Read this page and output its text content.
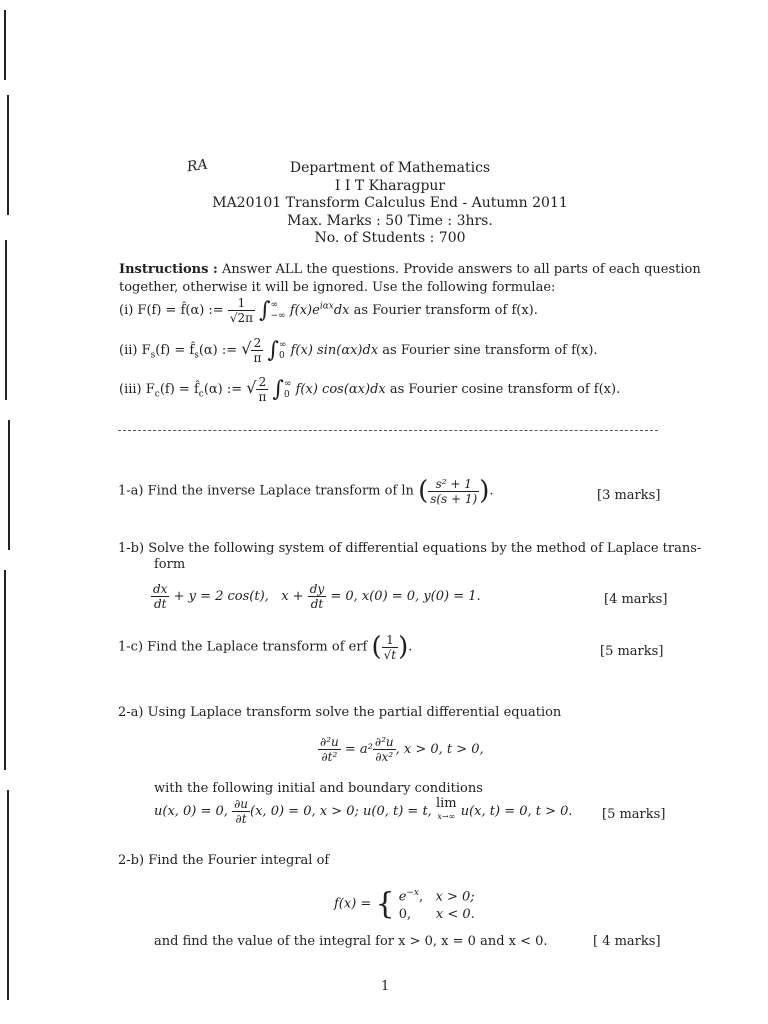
RA	Department of Mathematics
I I T Kharagpur
MA20101 Transform Calculus End - Autumn 2011
Max. Marks : 50 Time : 3hrs.
No. of Students : 700
Instructions : Answer ALL the questions. Provide answers to all parts of each question
together, otherwise it will be ignored. Use the following formulae:
(i) F(f) = f̂(α) := $\frac{1}{√2\pi}$ ∫ ∞
−∞ $f(x)e^{i\alpha x}dx$ as Fourier transform of f(x).
(ii) $F_s(f)$ = $f̂_s(\alpha)$ := √ $\frac{2}{\pi}$ ∫ ∞
0 f(x) sin(αx)dx as Fourier sine transform of f(x).
(iii) $F_c(f)$ = $f̂_c(\alpha)$ := √ $\frac{2}{\pi}$ ∫ ∞
0 f(x) cos(αx)dx as Fourier cosine transform of f(x).
1-a) Find the inverse Laplace transform of ln ( $\frac{\text{s² + 1}}{s(s + 1)}$ ).	[3 marks]
1-b) Solve the following system of differential equations by the method of Laplace trans-
form
$\frac{dx}{dt} + y = 2$ cos(t), $x + \frac{dy}{dt} = 0$, x(0) = 0, y(0) = 1.	[4 marks]
1-c) Find the Laplace transform of erf ( $\frac{1}{√t}$ ).	[5 marks]
2-a) Using Laplace transform solve the partial differential equation
$\frac{\text{∂²u}}{\text{∂t²}} = a^2 \frac{\text{∂²u}}{\text{∂x²}}$ , x > 0, t > 0,
with the following initial and boundary conditions
u(x, 0) = 0, $\frac{\partial u}{\partial t} (x$, 0) = 0, x > 0; u(0, t) = t,
lim
x→∞ u(x, t) = 0, t > 0. [5 marks]
2-b) Find the Fourier integral of
f(x) = { $e^{-x}$,   x > 0;
0, x < 0.
and find the value of the integral for x > 0, x = 0 and x < 0.	[ 4 marks]
1
